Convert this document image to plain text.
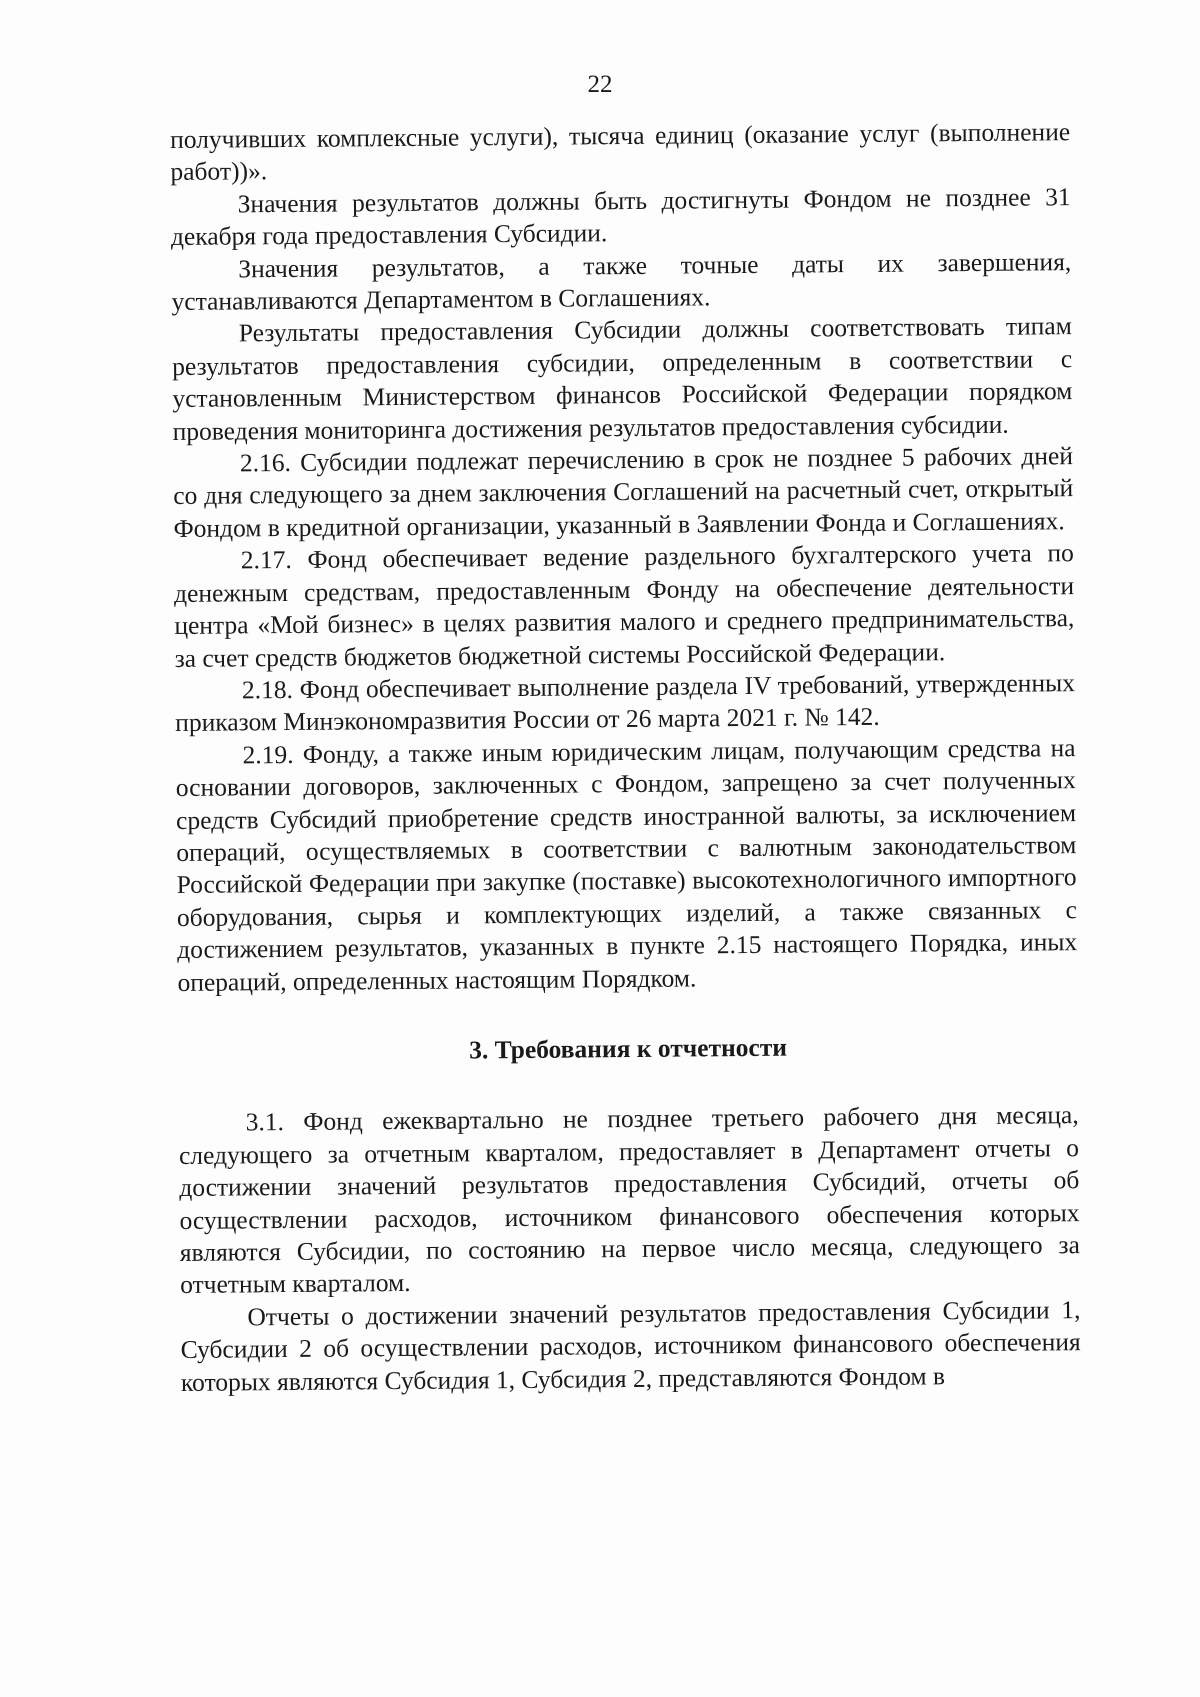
22

получивших комплексные услуги), тысяча единиц (оказание услуг (выполнение работ))».

Значения результатов должны быть достигнуты Фондом не позднее 31 декабря года предоставления Субсидии.

Значения результатов, а также точные даты их завершения, устанавливаются Департаментом в Соглашениях.

Результаты предоставления Субсидии должны соответствовать типам результатов предоставления субсидии, определенным в соответствии с установленным Министерством финансов Российской Федерации порядком проведения мониторинга достижения результатов предоставления субсидии.

2.16. Субсидии подлежат перечислению в срок не позднее 5 рабочих дней со дня следующего за днем заключения Соглашений на расчетный счет, открытый Фондом в кредитной организации, указанный в Заявлении Фонда и Соглашениях.

2.17. Фонд обеспечивает ведение раздельного бухгалтерского учета по денежным средствам, предоставленным Фонду на обеспечение деятельности центра «Мой бизнес» в целях развития малого и среднего предпринимательства, за счет средств бюджетов бюджетной системы Российской Федерации.

2.18. Фонд обеспечивает выполнение раздела IV требований, утвержденных приказом Минэкономразвития России от 26 марта 2021 г. № 142.

2.19. Фонду, а также иным юридическим лицам, получающим средства на основании договоров, заключенных с Фондом, запрещено за счет полученных средств Субсидий приобретение средств иностранной валюты, за исключением операций, осуществляемых в соответствии с валютным законодательством Российской Федерации при закупке (поставке) высокотехнологичного импортного оборудования, сырья и комплектующих изделий, а также связанных с достижением результатов, указанных в пункте 2.15 настоящего Порядка, иных операций, определенных настоящим Порядком.

3. Требования к отчетности

3.1. Фонд ежеквартально не позднее третьего рабочего дня месяца, следующего за отчетным кварталом, предоставляет в Департамент отчеты о достижении значений результатов предоставления Субсидий, отчеты об осуществлении расходов, источником финансового обеспечения которых являются Субсидии, по состоянию на первое число месяца, следующего за отчетным кварталом.

Отчеты о достижении значений результатов предоставления Субсидии 1, Субсидии 2 об осуществлении расходов, источником финансового обеспечения которых являются Субсидия 1, Субсидия 2, представляются Фондом в
